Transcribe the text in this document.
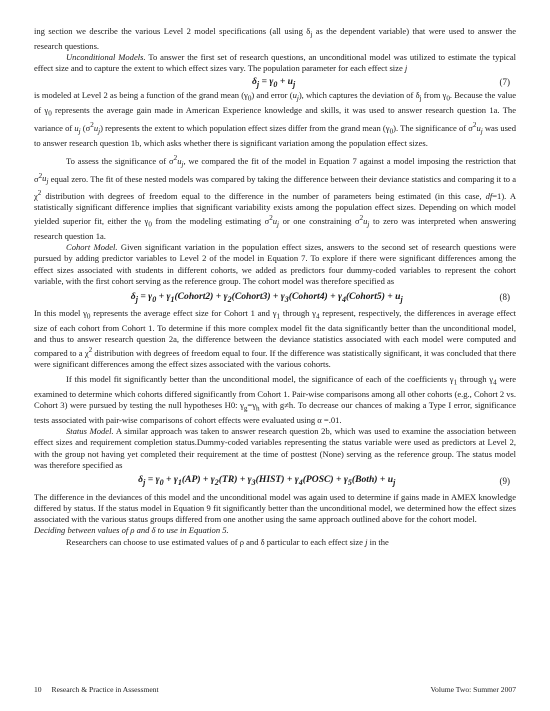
ing section we describe the various Level 2 model specifications (all using $\delta_j$ as the dependent variable) that were used to answer the research questions.

Unconditional Models. To answer the first set of research questions, an unconditional model was utilized to estimate the typical effect size and to capture the extent to which effect sizes vary. The population parameter for each effect size j

$\delta_j = \gamma_0 + u_j$	(7)

is modeled at Level 2 as being a function of the grand mean $(\gamma_0)$ and error $(u_j)$, which captures the deviation of $\delta_j$ from $\gamma_0$. Because the value of $\gamma_0$ represents the average gain made in American Experience knowledge and skills, it was used to answer research question 1a. The variance of $u_j$ $(\sigma^2u_j)$ represents the extent to which population effect sizes differ from the grand mean $(\gamma_0)$. The significance of $\sigma^2u_j$ was used to answer research question 1b, which asks whether there is significant variation among the population effect sizes.

To assess the significance of $\sigma^2u_j$, we compared the fit of the model in Equation 7 against a model imposing the restriction that $\sigma^2u_j$ equal zero. The fit of these nested models was compared by taking the difference between their deviance statistics and comparing it to a $\chi^2$ distribution with degrees of freedom equal to the difference in the number of parameters being estimated (in this case, df=1). A statistically significant difference implies that significant variability exists among the population effect sizes. Depending on which model yielded superior fit, either the $\gamma_0$ from the modeling estimating $\sigma^2u_j$ or one constraining $\sigma^2u_j$ to zero was interpreted when answering research question 1a.

Cohort Model. Given significant variation in the population effect sizes, answers to the second set of research questions were pursued by adding predictor variables to Level 2 of the model in Equation 7. To explore if there were significant differences among the effect sizes associated with students in different cohorts, we added as predictors four dummy-coded variables to represent the cohort variable, with the first cohort serving as the reference group. The cohort model was therefore specified as

$\delta_j = \gamma_0$ + $\gamma_1(Cohort2)$ + $\gamma_2(Cohort3)$ + $\gamma_3(Cohort4)$ + $\gamma_4(Cohort5) + u_j$	(8)

In this model $\gamma_0$ represents the average effect size for Cohort 1 and $\gamma_1$ through $\gamma_4$ represent, respectively, the differences in average effect size of each cohort from Cohort 1. To determine if this more complex model fit the data significantly better than the unconditional model, and thus to answer research question 2a, the difference between the deviance statistics associated with each model were computed and compared to a $\chi^2$ distribution with degrees of freedom equal to four. If the difference was statistically significant, it was concluded that there were significant differences among the effect sizes associated with the various cohorts.

If this model fit significantly better than the unconditional model, the significance of each of the coefficients $\gamma_1$ through $\gamma_4$ were examined to determine which cohorts differed significantly from Cohort 1. Pair-wise comparisons among all other cohorts (e.g., Cohort 2 vs. Cohort 3) were pursued by testing the null hypotheses H0: $\gamma_g=\gamma_h$ with g≠h. To decrease our chances of making a Type I error, significance tests associated with pair-wise comparisons of cohort effects were evaluated using α =.01.

Status Model. A similar approach was taken to answer research question 2b, which was used to examine the association between effect sizes and requirement completion status.Dummy-coded variables representing the status variable were used as predictors at Level 2, with the group not having yet completed their requirement at the time of posttest (None) serving as the reference group. The status model was therefore specified as

$\delta_j = \gamma_0 + \gamma_1(AP) + \gamma_2(TR)$ + $\gamma_3(HIST)$ + $\gamma_4(POSC)$ + $\gamma_5(Both) + u_j$	(9)

The difference in the deviances of this model and the unconditional model was again used to determine if gains made in AMEX knowledge differed by status. If the status model in Equation 9 fit significantly better than the unconditional model, we determined how the effect sizes associated with the various status groups differed from one another using the same approach outlined above for the cohort model.

Deciding between values of ρ and δ to use in Equation 5.

Researchers can choose to use estimated values of ρ and δ particular to each effect size j in the

10 Research & Practice in Assessment	Volume Two: Summer 2007
